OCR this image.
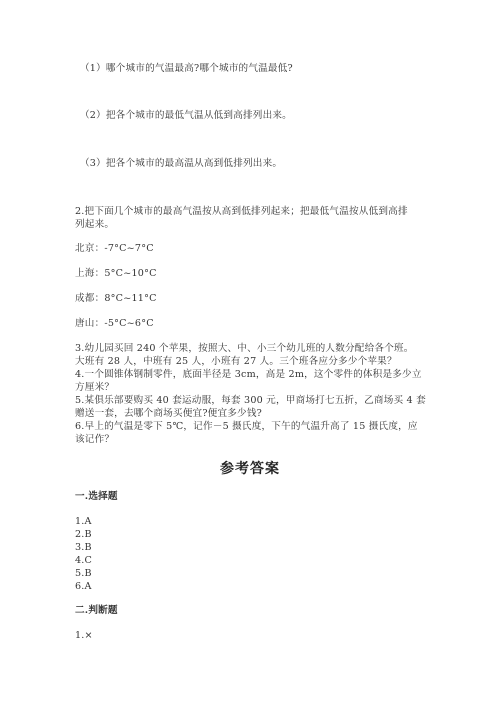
（1）哪个城市的气温最高?哪个城市的气温最低?
（2）把各个城市的最低气温从低到高排列出来。
（3）把各个城市的最高温从高到低排列出来。
2.把下面几个城市的最高气温按从高到低排列起来；把最低气温按从低到高排
列起来。
北京：-7°C~7°C
上海：5°C~10°C
成都：8°C~11°C
唐山：-5°C~6°C
3.幼儿园买回 240 个苹果，按照大、中、小三个幼儿班的人数分配给各个班。
大班有 28 人，中班有 25 人，小班有 27 人。三个班各应分多少个苹果？
4.一个圆锥体钢制零件，底面半径是 3cm，高是 2m，这个零件的体积是多少立
方厘米？
5.某俱乐部要购买 40 套运动服，每套 300 元，甲商场打七五折，乙商场买 4 套
赠送一套，去哪个商场买便宜?便宜多少钱?
6.早上的气温是零下 5℃，记作－5 摄氏度，下午的气温升高了 15 摄氏度，应
该记作？
参考答案
一.选择题
1.A
2.B
3.B
4.C
5.B
6.A
二.判断题
1.×
